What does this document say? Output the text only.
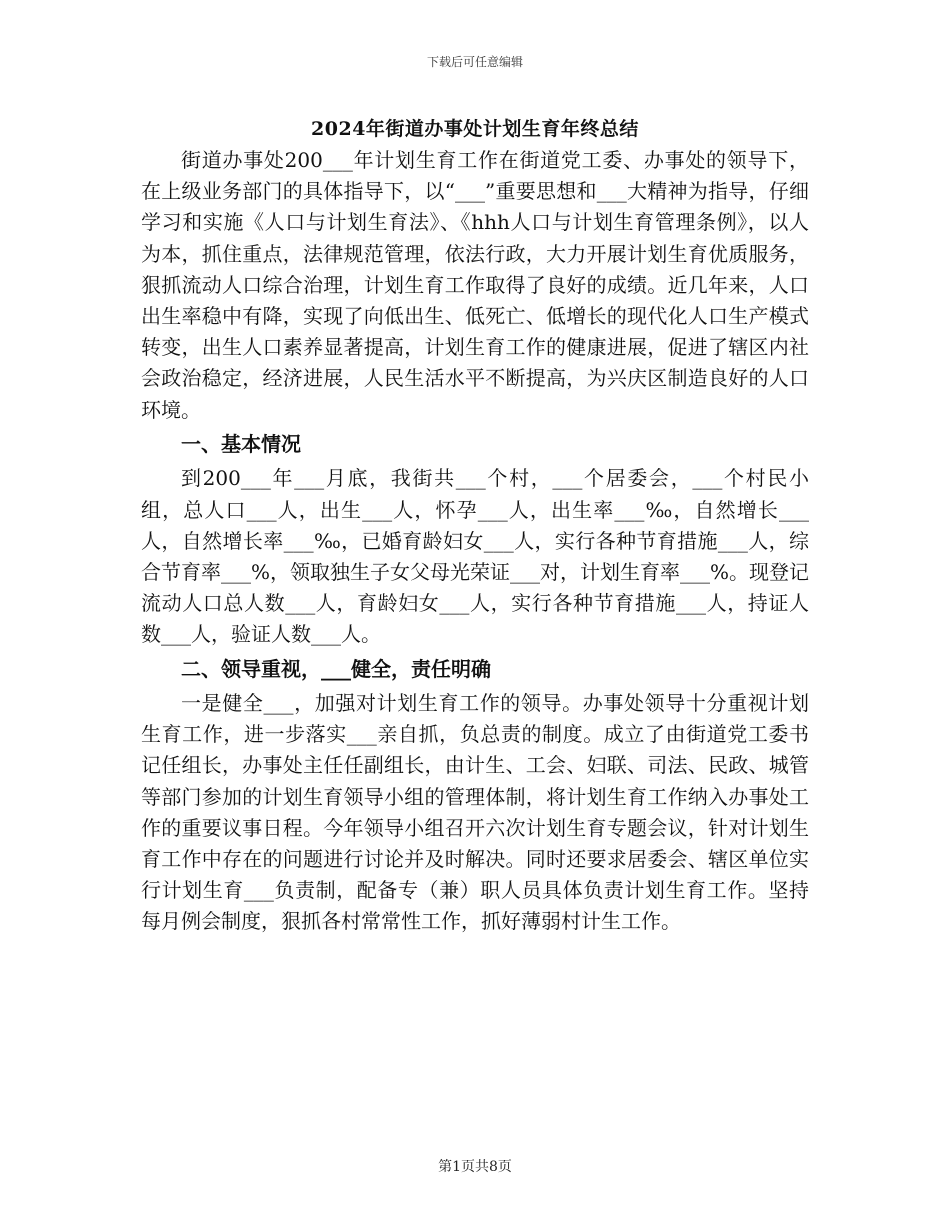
下载后可任意编辑
2024年街道办事处计划生育年终总结

街道办事处200___年计划生育工作在街道党工委、办事处的领导下，在上级业务部门的具体指导下，以“___”重要思想和___大精神为指导，仔细学习和实施《人口与计划生育法》、《hhh人口与计划生育管理条例》，以人为本，抓住重点，法律规范管理，依法行政，大力开展计划生育优质服务，狠抓流动人口综合治理，计划生育工作取得了良好的成绩。近几年来，人口出生率稳中有降，实现了向低出生、低死亡、低增长的现代化人口生产模式转变，出生人口素养显著提高，计划生育工作的健康进展，促进了辖区内社会政治稳定，经济进展，人民生活水平不断提高，为兴庆区制造良好的人口环境。

一、基本情况

到200___年___月底，我街共___个村，___个居委会，___个村民小组，总人口___人，出生___人，怀孕___人，出生率___‰，自然增长___人，自然增长率___‰，已婚育龄妇女___人，实行各种节育措施___人，综合节育率___%，领取独生子女父母光荣证___对，计划生育率___%。现登记流动人口总人数___人，育龄妇女___人，实行各种节育措施___人，持证人数___人，验证人数___人。

二、领导重视，___健全，责任明确

一是健全___，加强对计划生育工作的领导。办事处领导十分重视计划生育工作，进一步落实___亲自抓，负总责的制度。成立了由街道党工委书记任组长，办事处主任任副组长，由计生、工会、妇联、司法、民政、城管等部门参加的计划生育领导小组的管理体制，将计划生育工作纳入办事处工作的重要议事日程。今年领导小组召开六次计划生育专题会议，针对计划生育工作中存在的问题进行讨论并及时解决。同时还要求居委会、辖区单位实行计划生育___负责制，配备专（兼）职人员具体负责计划生育工作。坚持每月例会制度，狠抓各村常常性工作，抓好薄弱村计生工作。

第1页共8页
